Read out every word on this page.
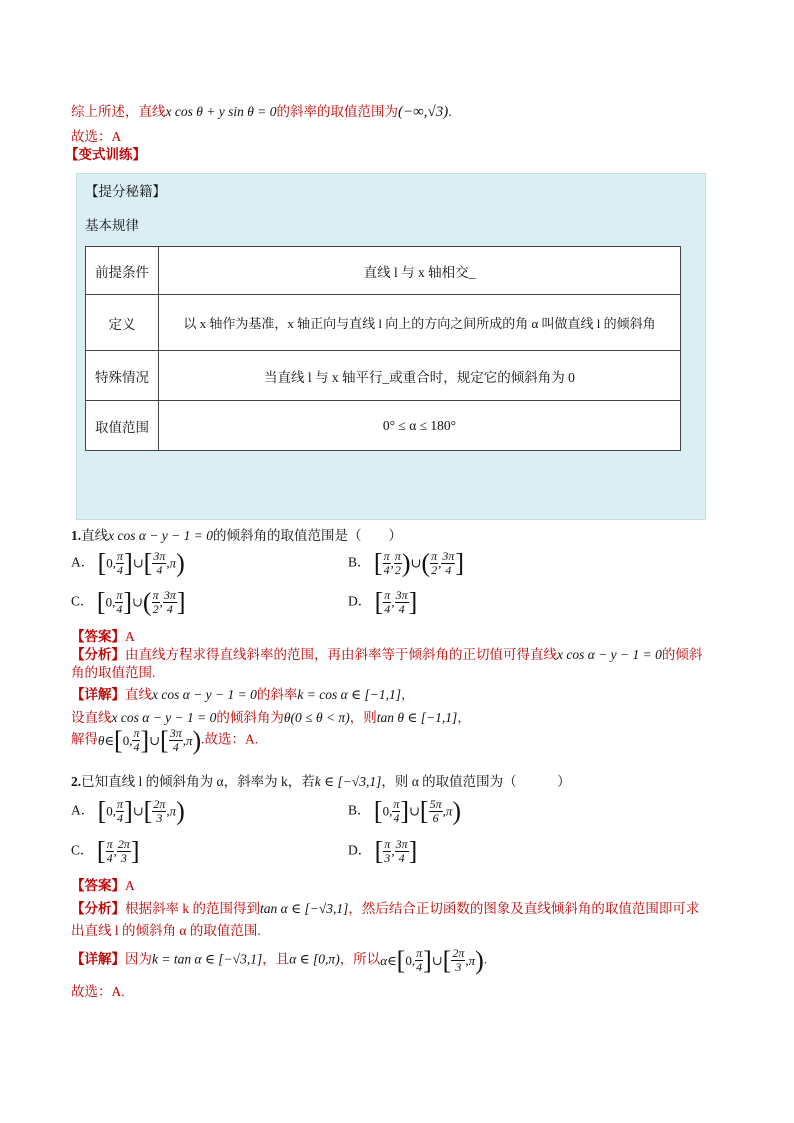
综上所述，直线x cos θ + y sin θ = 0的斜率的取值范围为(−∞,√3).
故选：A
【变式训练】
【提分秘籍】
基本规律
前提条件	直线 l 与 x 轴相交_
定义	以 x 轴作为基准，x 轴正向与直线 l 向上的方向之间所成的角 α 叫做直线 l 的倾斜角
特殊情况	当直线 l 与 x 轴平行_或重合时，规定它的倾斜角为 0
取值范围	0° ≤ α ≤ 180°
1.直线x cos α − y − 1 = 0的倾斜角的取值范围是（　　）
A． [0, $\frac{\pi}{4}$ ]∪[ $\frac{3\pi}{4} ,\pi$)	B． [ $\frac{\pi}{4}$ , $\frac{\pi}{2}$ )∪( $\frac{\pi}{2}$ , $\frac{3\pi}{4}$ ]
C． [0, $\frac{\pi}{4}$ ]∪( $\frac{\pi}{2}$ , $\frac{3\pi}{4}$ ]	D． [ $\frac{\pi}{4}$ , $\frac{3\pi}{4}$ ]
【答案】A
【分析】由直线方程求得直线斜率的范围，再由斜率等于倾斜角的正切值可得直线x cos α − y − 1 = 0的倾斜
角的取值范围.
【详解】直线x cos α − y − 1 = 0的斜率k = cos α ∈ [−1,1]，
设直线x cos α − y − 1 = 0的倾斜角为θ(0 ≤ θ < π)，则tan θ ∈ [−1,1]，
解得θ∈[0, $\frac{\pi}{4}$ ]∪[ $\frac{3\pi}{4} ,\pi$).故选：A.
2.已知直线 l 的倾斜角为 α，斜率为 k，若k ∈ [−√3,1]，则 α 的取值范围为（　　　）
A． [0, $\frac{\pi}{4}$ ]∪[ $\frac{2\pi}{3} ,\pi$)	B． [0, $\frac{\pi}{4}$ ]∪[ $\frac{5\pi}{6} ,\pi$)
C． [ $\frac{\pi}{4}$ , $\frac{2\pi}{3}$ ]	D． [ $\frac{\pi}{3}$ , $\frac{3\pi}{4}$ ]
【答案】A
【分析】根据斜率 k 的范围得到tan α ∈ [−√3,1]，然后结合正切函数的图象及直线倾斜角的取值范围即可求
出直线 l 的倾斜角 α 的取值范围.
【详解】因为k = tan α ∈ [−√3,1]，且α ∈ [0,π)，所以α∈[0, $\frac{\pi}{4}$ ]∪[ $\frac{2\pi}{3} ,\pi$).
故选：A.
